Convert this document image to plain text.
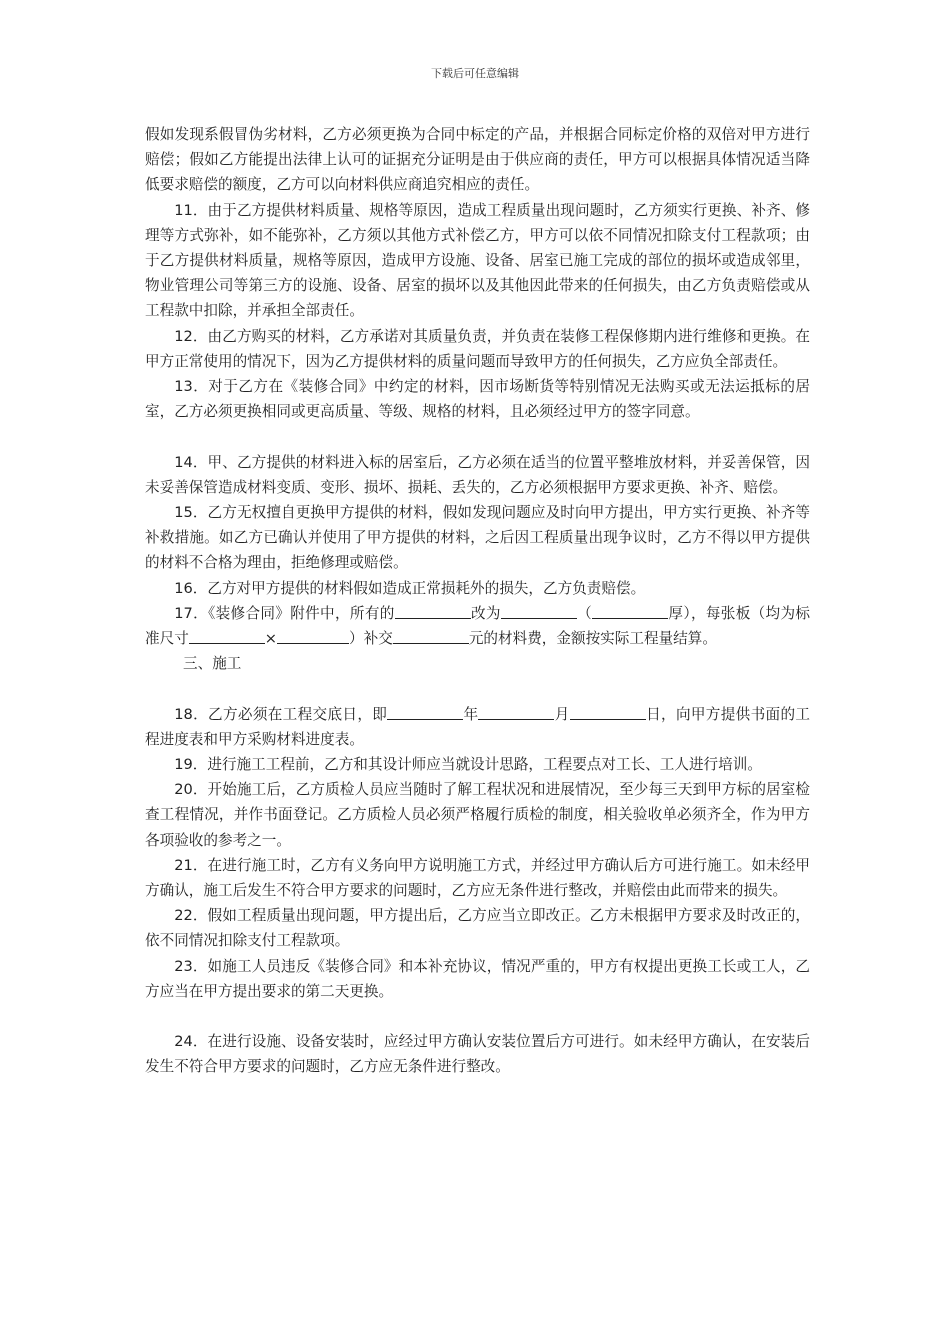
下载后可任意编辑

假如发现系假冒伪劣材料，乙方必须更换为合同中标定的产品，并根据合同标定价格的双倍对甲方进行赔偿；假如乙方能提出法律上认可的证据充分证明是由于供应商的责任，甲方可以根据具体情况适当降低要求赔偿的额度，乙方可以向材料供应商追究相应的责任。

11．由于乙方提供材料质量、规格等原因，造成工程质量出现问题时，乙方须实行更换、补齐、修理等方式弥补，如不能弥补，乙方须以其他方式补偿乙方，甲方可以依不同情况扣除支付工程款项；由于乙方提供材料质量，规格等原因，造成甲方设施、设备、居室已施工完成的部位的损坏或造成邻里，物业管理公司等第三方的设施、设备、居室的损坏以及其他因此带来的任何损失，由乙方负责赔偿或从工程款中扣除，并承担全部责任。

12．由乙方购买的材料，乙方承诺对其质量负责，并负责在装修工程保修期内进行维修和更换。在甲方正常使用的情况下，因为乙方提供材料的质量问题而导致甲方的任何损失，乙方应负全部责任。

13．对于乙方在《装修合同》中约定的材料，因市场断货等特别情况无法购买或无法运抵标的居室，乙方必须更换相同或更高质量、等级、规格的材料，且必须经过甲方的签字同意。

14．甲、乙方提供的材料进入标的居室后，乙方必须在适当的位置平整堆放材料，并妥善保管，因未妥善保管造成材料变质、变形、损坏、损耗、丢失的，乙方必须根据甲方要求更换、补齐、赔偿。

15．乙方无权擅自更换甲方提供的材料，假如发现问题应及时向甲方提出，甲方实行更换、补齐等补救措施。如乙方已确认并使用了甲方提供的材料，之后因工程质量出现争议时，乙方不得以甲方提供的材料不合格为理由，拒绝修理或赔偿。

16．乙方对甲方提供的材料假如造成正常损耗外的损失，乙方负责赔偿。

17．《装修合同》附件中，所有的	改为	（	厚），每张板（均为标准尺寸	×	）补交	元的材料费，金额按实际工程量结算。

三、施工

18．乙方必须在工程交底日，即	年	月	日，向甲方提供书面的工程进度表和甲方采购材料进度表。

19．进行施工工程前，乙方和其设计师应当就设计思路，工程要点对工长、工人进行培训。

20．开始施工后，乙方质检人员应当随时了解工程状况和进展情况，至少每三天到甲方标的居室检查工程情况，并作书面登记。乙方质检人员必须严格履行质检的制度，相关验收单必须齐全，作为甲方各项验收的参考之一。

21．在进行施工时，乙方有义务向甲方说明施工方式，并经过甲方确认后方可进行施工。如未经甲方确认，施工后发生不符合甲方要求的问题时，乙方应无条件进行整改，并赔偿由此而带来的损失。

22．假如工程质量出现问题，甲方提出后，乙方应当立即改正。乙方未根据甲方要求及时改正的，依不同情况扣除支付工程款项。

23．如施工人员违反《装修合同》和本补充协议，情况严重的，甲方有权提出更换工长或工人，乙方应当在甲方提出要求的第二天更换。

24．在进行设施、设备安装时，应经过甲方确认安装位置后方可进行。如未经甲方确认，在安装后发生不符合甲方要求的问题时，乙方应无条件进行整改。
